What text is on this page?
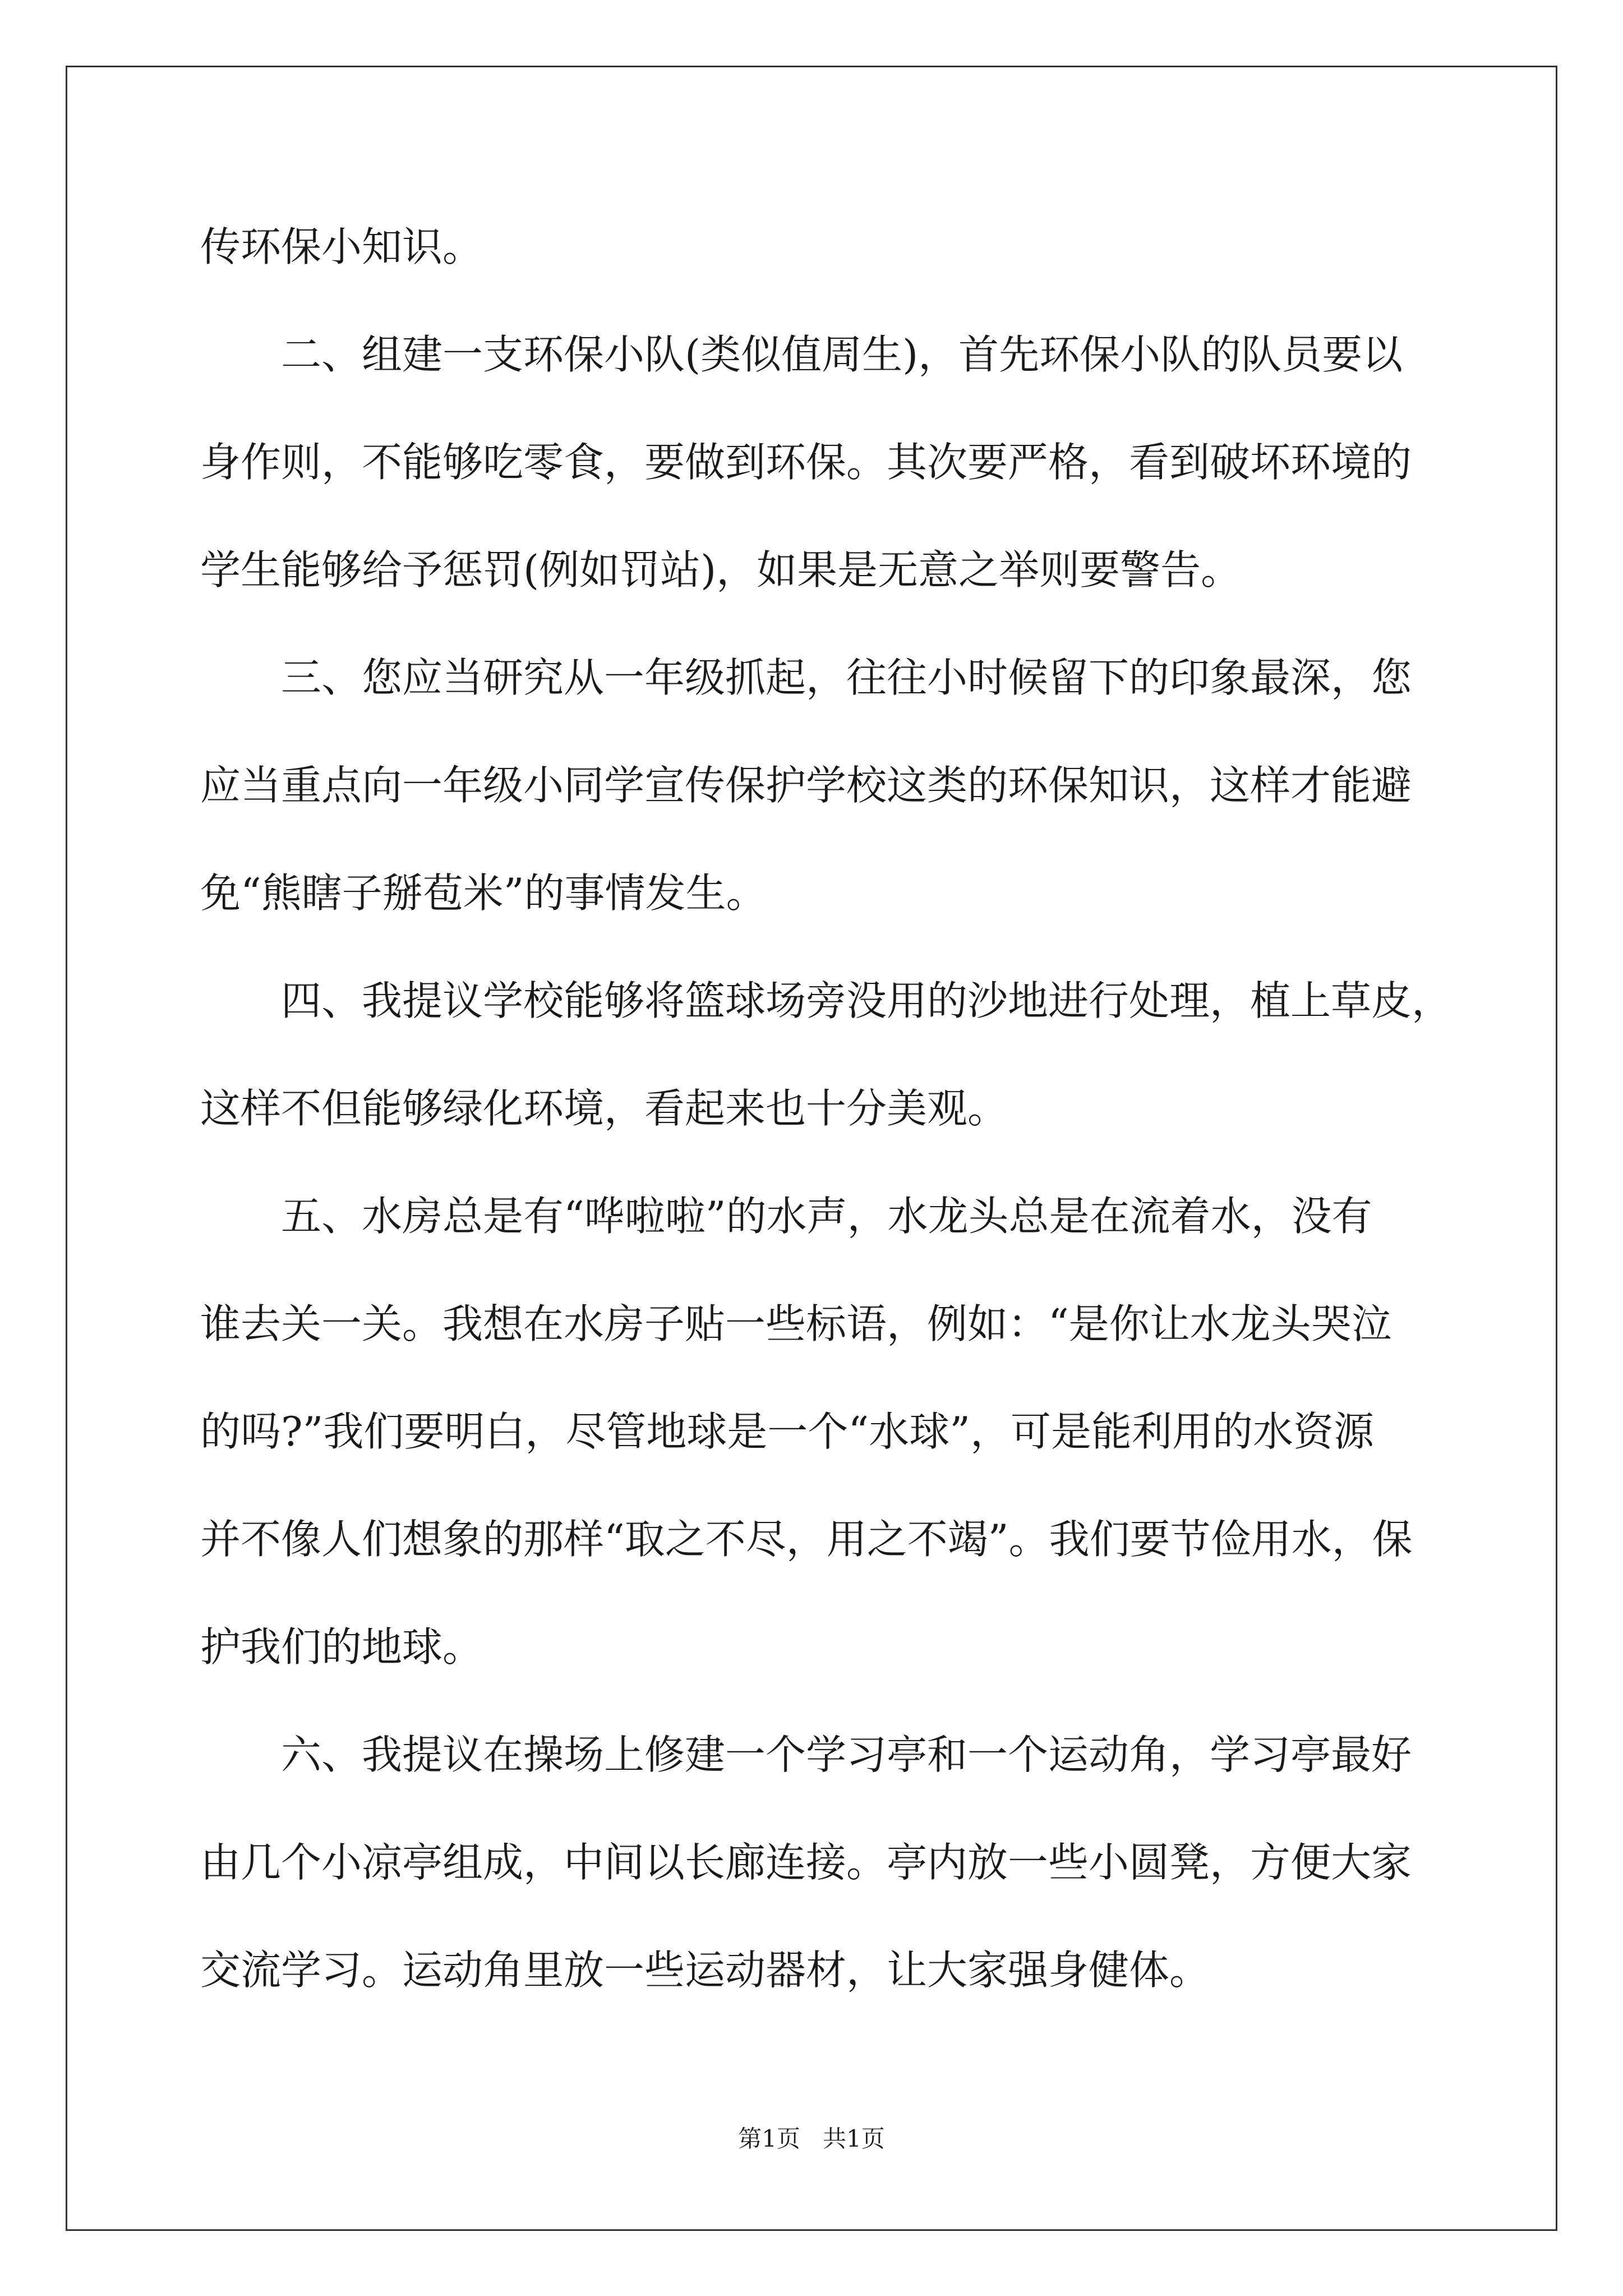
传环保小知识。
　　二、组建一支环保小队(类似值周生)，首先环保小队的队员要以
身作则，不能够吃零食，要做到环保。其次要严格，看到破坏环境的
学生能够给予惩罚(例如罚站)，如果是无意之举则要警告。
　　三、您应当研究从一年级抓起，往往小时候留下的印象最深，您
应当重点向一年级小同学宣传保护学校这类的环保知识，这样才能避
免“熊瞎子掰苞米”的事情发生。
　　四、我提议学校能够将篮球场旁没用的沙地进行处理，植上草皮，
这样不但能够绿化环境，看起来也十分美观。
　　五、水房总是有“哗啦啦”的水声，水龙头总是在流着水，没有
谁去关一关。我想在水房子贴一些标语，例如：“是你让水龙头哭泣
的吗?”我们要明白，尽管地球是一个“水球”，可是能利用的水资源
并不像人们想象的那样“取之不尽，用之不竭”。我们要节俭用水，保
护我们的地球。
　　六、我提议在操场上修建一个学习亭和一个运动角，学习亭最好
由几个小凉亭组成，中间以长廊连接。亭内放一些小圆凳，方便大家
交流学习。运动角里放一些运动器材，让大家强身健体。
第1页 共1页
